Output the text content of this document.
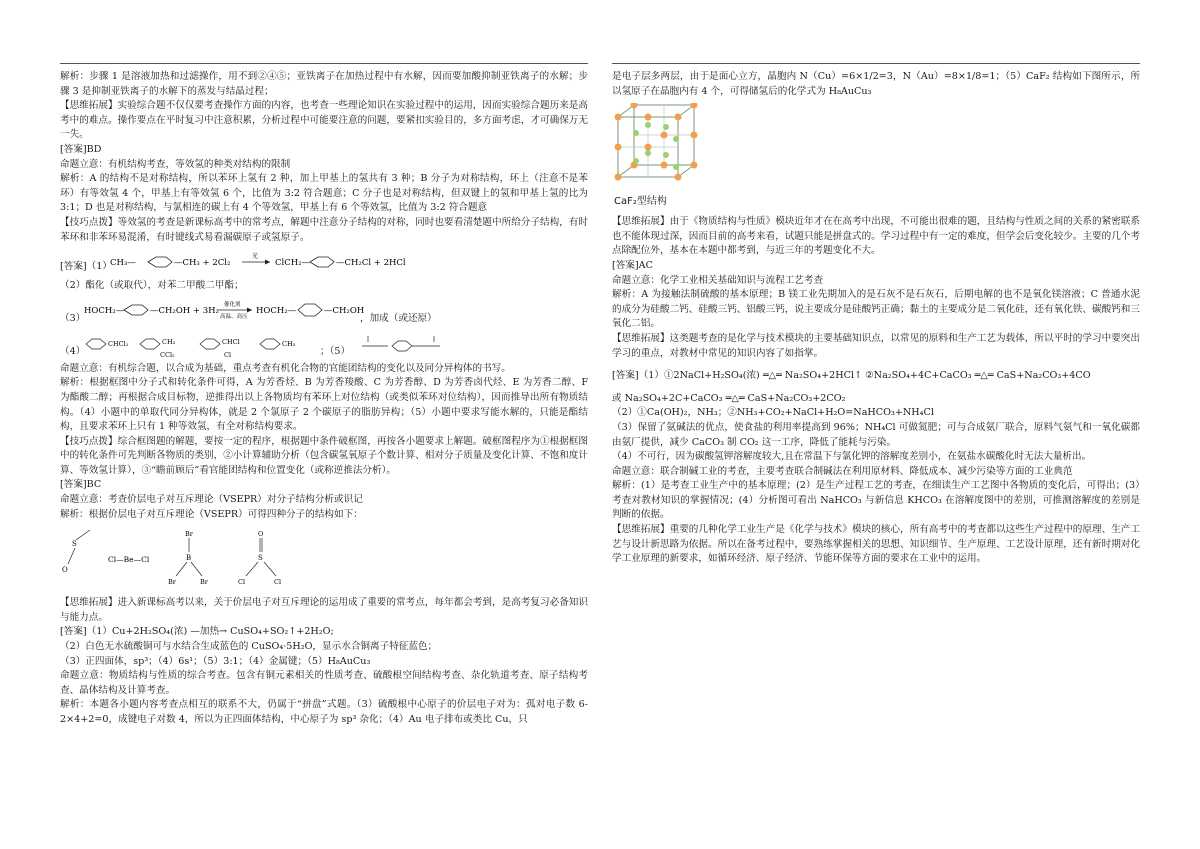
解析：步骤 1 是溶液加热和过滤操作，用不到②④⑤；亚铁离子在加热过程中有水解，因而要加酸抑制亚铁离子的水解；步骤 3 是抑制亚铁离子的水解下的蒸发与结晶过程；

【思维拓展】实验综合题不仅仅要考查操作方面的内容，也考查一些理论知识在实验过程中的运用，因而实验综合题历来是高考中的难点。操作要点在平时复习中注意积累，分析过程中可能要注意的问题，要紧扣实验目的，多方面考虑，才可确保万无一失。

[答案]BD

命题立意：有机结构考查，等效氢的种类对结构的限制

解析：A 的结构不是对称结构，所以苯环上氢有 2 种，加上甲基上的氢共有 3 种；B 分子为对称结构，环上（注意不是苯环）有等效氢 4 个，甲基上有等效氢 6 个，比值为 3:2 符合题意；C 分子也是对称结构，但双键上的氢和甲基上氢的比为 3:1；D 也是对称结构，与氯相连的碳上有 4 个等效氢，甲基上有 6 个等效氢，比值为 3:2 符合题意

【技巧点拨】等效氢的考查是新课标高考中的常考点，解题中注意分子结构的对称，同时也要看清楚题中所给分子结构，有时苯环和非苯环易混淆，有时键线式易看漏碳原子或氢原子。

[答案]（1）
CH₃—	—CH₃ + 2Cl₂
光
ClCH₂—	—CH₂Cl + 2HCl

（2）酯化（或取代），对苯二甲酸二甲酯；

（3）
HOCH₂—	—CH₂OH + 3H₂
催化剂
高温、高压
HOCH₂—	—CH₂OH
，加成（或还原）
（4）
CHCl₂	CH₃
CCl₂
CHCl
Cl
CH₃
；（5）

命题立意：有机综合题，以合成为基础，重点考查有机化合物的官能团结构的变化以及同分异构体的书写。

解析：根据框图中分子式和转化条件可得，A 为芳香烃、B 为芳香羧酸、C 为芳香醇、D 为芳香卤代烃、E 为芳香二醇、F 为酯酸二醇；再根据合成目标物，逆推得出以上各物质均有苯环上对位结构（或类似苯环对位结构），因而推导出所有物质结构。（4）小题中的单取代同分异构体，就是 2 个氯原子 2 个碳原子的脂肪异构；（5）小题中要求写能水解的，只能是酯结构，且要求苯环上只有 1 种等效氢，有全对称结构要求。

【技巧点拨】综合框图题的解题，要按一定的程序，根据题中条件破框图，再按各小题要求上解题。破框图程序为①根据框图中的转化条件可先判断各物质的类别，②小计算辅助分析（包含碳氢氧原子个数计算、相对分子质量及变化计算、不饱和度计算、等效氢计算），③“瞻前顾后”看官能团结构和位置变化（或称逆推法分析）。

[答案]BC

命题立意：考查价层电子对互斥理论（VSEPR）对分子结构分析或识记

解析：根据价层电子对互斥理论（VSEPR）可得四种分子的结构如下：

S
O
Cl—Be—Cl
Br
B
Br	Br
O
S
Cl	Cl

【思维拓展】进入新课标高考以来，关于价层电子对互斥理论的运用成了重要的常考点，每年都会考到，是高考复习必备知识与能力点。

[答案]（1）Cu+2H₂SO₄(浓) —加热→ CuSO₄+SO₂↑+2H₂O;

（2）白色无水硫酸铜可与水结合生成蓝色的 CuSO₄·5H₂O，显示水合铜离子特征蓝色；

（3）正四面体，sp³；（4）6s¹；（5）3:1；（4）金属键；（5）H₈AuCu₃

命题立意：物质结构与性质的综合考查。包含有铜元素相关的性质考查、硫酸根空间结构考查、杂化轨道考查、原子结构考查、晶体结构及计算考查。

解析：本题各小题内容考查点相互的联系不大，仍属于“拼盘”式题。（3）硫酸根中心原子的价层电子对为：孤对电子数 6-2×4+2=0，成键电子对数 4，所以为正四面体结构，中心原子为 sp³ 杂化；（4）Au 电子排布或类比 Cu，只

是电子层多两层，由于是面心立方，晶胞内 N（Cu）=6×1/2=3，N（Au）=8×1/8=1；（5）CaF₂ 结构如下图所示，所以氢原子在晶胞内有 4 个，可得储氢后的化学式为 H₈AuCu₃

CaF₂型结构

【思维拓展】由于《物质结构与性质》模块近年才在在高考中出现，不可能出很难的题，且结构与性质之间的关系的紧密联系也不能体现过深，因而目前的高考来看，试题只能是拼盘式的。学习过程中有一定的难度，但学会后变化较少。主要的几个考点除配位外，基本在本题中都考到，与近三年的考题变化不大。

[答案]AC

命题立意：化学工业相关基础知识与流程工艺考查

解析：A 为接触法制硫酸的基本原理；B 镁工业先期加入的是石灰不是石灰石，后期电解的也不是氧化镁溶液；C 普通水泥的成分为硅酸二钙、硅酸三钙、铝酸三钙，说主要成分是硅酸钙正确；黏土的主要成分是二氧化硅，还有氧化铁、碳酸钙和三氧化二铝。

【思维拓展】这类题考查的是化学与技术模块的主要基础知识点，以常见的原料和生产工艺为载体，所以平时的学习中要突出学习的重点，对教材中常见的知识内容了如指掌。

[答案]（1）①2NaCl+H₂SO₄(浓) ═△═ Na₂SO₄+2HCl↑ ②Na₂SO₄+4C+CaCO₃ ═△═ CaS+Na₂CO₃+4CO

或 Na₂SO₄+2C+CaCO₃ ═△═ CaS+Na₂CO₃+2CO₂

（2）①Ca(OH)₂，NH₃；②NH₃+CO₂+NaCl+H₂O=NaHCO₃+NH₄Cl

（3）保留了氨碱法的优点，使食盐的利用率提高到 96%；NH₄Cl 可做氮肥；可与合成氨厂联合，原料气氨气和一氧化碳都由氨厂提供，减少 CaCO₃ 制 CO₂ 这一工序，降低了能耗与污染。

（4）不可行，因为碳酸氢钾溶解度较大,且在常温下与氯化钾的溶解度差别小，在氨盐水碳酸化时无法大量析出。

命题立意：联合制碱工业的考查，主要考查联合制碱法在利用原材料、降低成本、减少污染等方面的工业典范

解析：(1）是考查工业生产中的基本原理；(2）是生产过程工艺的考查，在细读生产工艺图中各物质的变化后，可得出；(3）考查对教材知识的掌握情况；(4）分析图可看出 NaHCO₃ 与新信息 KHCO₃ 在溶解度图中的差别，可推测溶解度的差别是判断的依据。

【思维拓展】重要的几种化学工业生产是《化学与技术》模块的核心，所有高考中的考查都以这些生产过程中的原理、生产工艺与设计新思路为依据。所以在备考过程中，要熟练掌握相关的思想、知识细节、生产原理、工艺设计原理，还有新时期对化学工业原理的新要求，如循环经济、原子经济、节能环保等方面的要求在工业中的运用。
